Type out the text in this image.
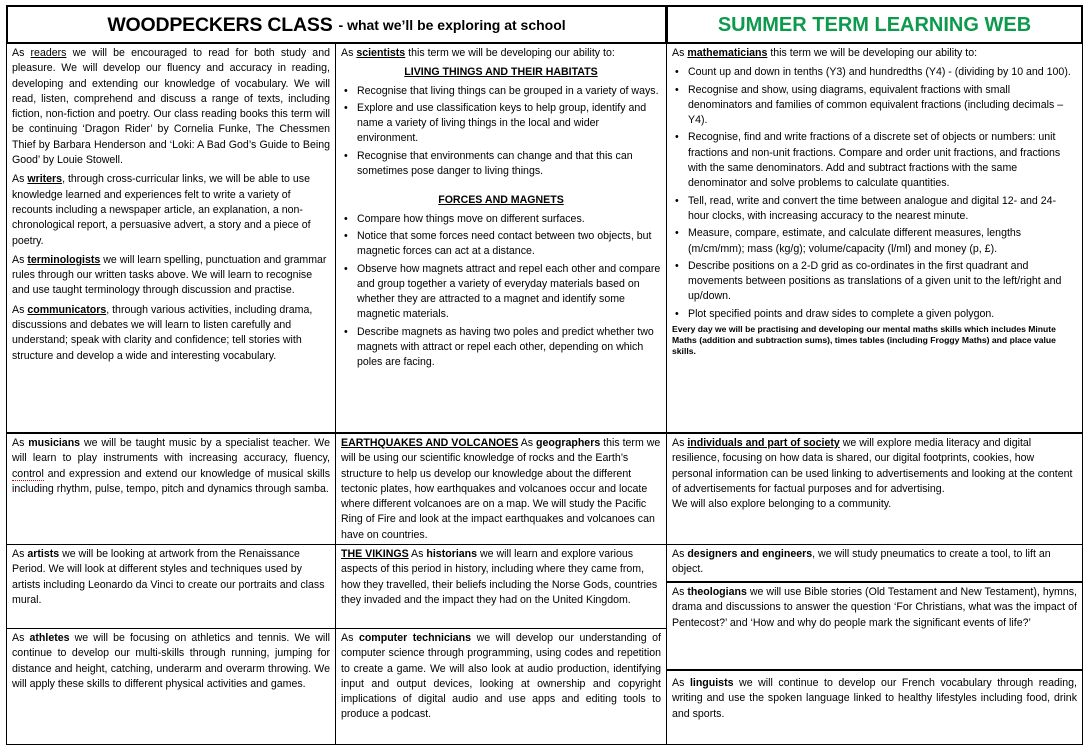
WOODPECKERS CLASS - what we’ll be exploring at school	SUMMER TERM LEARNING WEB

As readers we will be encouraged to read for both study and pleasure. We will develop our fluency and accuracy in reading, developing and extending our knowledge of vocabulary. We will read, listen, comprehend and discuss a range of texts, including fiction, non-fiction and poetry. Our class reading books this term will be continuing ‘Dragon Rider’ by Cornelia Funke, The Chessmen Thief by Barbara Henderson and ‘Loki: A Bad God’s Guide to Being Good’ by Louie Stowell.

As writers, through cross-curricular links, we will be able to use knowledge learned and experiences felt to write a variety of recounts including a newspaper article, an explanation, a non-chronological report, a persuasive advert, a story and a piece of poetry.

As terminologists we will learn spelling, punctuation and grammar rules through our written tasks above. We will learn to recognise and use taught terminology through discussion and practise.

As communicators, through various activities, including drama, discussions and debates we will learn to listen carefully and understand; speak with clarity and confidence; tell stories with structure and develop a wide and interesting vocabulary.

As scientists this term we will be developing our ability to:

LIVING THINGS AND THEIR HABITATS
• Recognise that living things can be grouped in a variety of ways.
• Explore and use classification keys to help group, identify and name a variety of living things in the local and wider environment.
• Recognise that environments can change and that this can sometimes pose danger to living things.
FORCES AND MAGNETS
• Compare how things move on different surfaces.
• Notice that some forces need contact between two objects, but magnetic forces can act at a distance.
• Observe how magnets attract and repel each other and compare and group together a variety of everyday materials based on whether they are attracted to a magnet and identify some magnetic materials.
• Describe magnets as having two poles and predict whether two magnets with attract or repel each other, depending on which poles are facing.

As mathematicians this term we will be developing our ability to:

• Count up and down in tenths (Y3) and hundredths (Y4) - (dividing by 10 and 100).
• Recognise and show, using diagrams, equivalent fractions with small denominators and families of common equivalent fractions (including decimals – Y4).
• Recognise, find and write fractions of a discrete set of objects or numbers: unit fractions and non-unit fractions. Compare and order unit fractions, and fractions with the same denominators. Add and subtract fractions with the same denominator and solve problems to calculate quantities.
• Tell, read, write and convert the time between analogue and digital 12- and 24-hour clocks, with increasing accuracy to the nearest minute.
• Measure, compare, estimate, and calculate different measures, lengths (m/cm/mm); mass (kg/g); volume/capacity (l/ml) and money (p, £).
• Describe positions on a 2-D grid as co-ordinates in the first quadrant and movements between positions as translations of a given unit to the left/right and up/down.
• Plot specified points and draw sides to complete a given polygon.
Every day we will be practising and developing our mental maths skills which includes Minute Maths (addition and subtraction sums), times tables (including Froggy Maths) and place value skills.

As musicians we will be taught music by a specialist teacher. We will learn to play instruments with increasing accuracy, fluency, control and expression and extend our knowledge of musical skills including rhythm, pulse, tempo, pitch and dynamics through samba.

EARTHQUAKES AND VOLCANOES As geographers this term we will be using our scientific knowledge of rocks and the Earth’s structure to help us develop our knowledge about the different tectonic plates, how earthquakes and volcanoes occur and locate where different volcanoes are on a map. We will study the Pacific Ring of Fire and look at the impact earthquakes and volcanoes can have on countries.

As individuals and part of society we will explore media literacy and digital resilience, focusing on how data is shared, our digital footprints, cookies, how personal information can be used linking to advertisements and looking at the content of advertisements for factual purposes and for advertising.

We will also explore belonging to a community.

As artists we will be looking at artwork from the Renaissance Period. We will look at different styles and techniques used by artists including Leonardo da Vinci to create our portraits and class mural.

THE VIKINGS As historians we will learn and explore various aspects of this period in history, including where they came from, how they travelled, their beliefs including the Norse Gods, countries they invaded and the impact they had on the United Kingdom.

As designers and engineers, we will study pneumatics to create a tool, to lift an object.

As theologians we will use Bible stories (Old Testament and New Testament), hymns, drama and discussions to answer the question ‘For Christians, what was the impact of Pentecost?’ and ‘How and why do people mark the significant events of life?’

As athletes we will be focusing on athletics and tennis. We will continue to develop our multi-skills through running, jumping for distance and height, catching, underarm and overarm throwing. We will apply these skills to different physical activities and games.

As computer technicians we will develop our understanding of computer science through programming, using codes and repetition to create a game. We will also look at audio production, identifying input and output devices, looking at ownership and copyright implications of digital audio and use apps and editing tools to produce a podcast.

As linguists we will continue to develop our French vocabulary through reading, writing and use the spoken language linked to healthy lifestyles including food, drink and sports.
